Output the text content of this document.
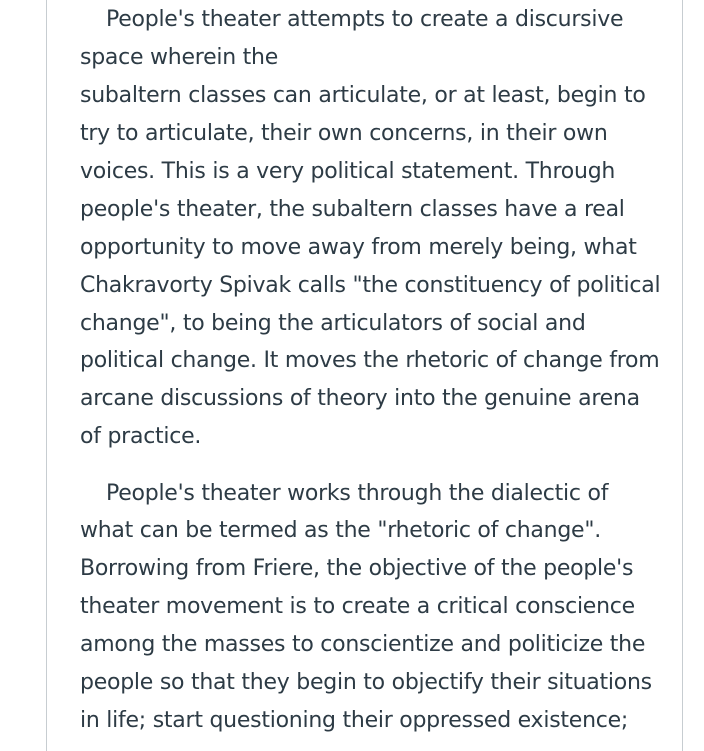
People's theater attempts to create a discursive
space wherein the
subaltern classes can articulate, or at least, begin to
try to articulate, their own concerns, in their own
voices. This is a very political statement. Through
people's theater, the subaltern classes have a real
opportunity to move away from merely being, what
Chakravorty Spivak calls "the constituency of political
change", to being the articulators of social and
political change. It moves the rhetoric of change from
arcane discussions of theory into the genuine arena
of practice.
People's theater works through the dialectic of
what can be termed as the "rhetoric of change".
Borrowing from Friere, the objective of the people's
theater movement is to create a critical conscience
among the masses to conscientize and politicize the
people so that they begin to objectify their situations
in life; start questioning their oppressed existence;
